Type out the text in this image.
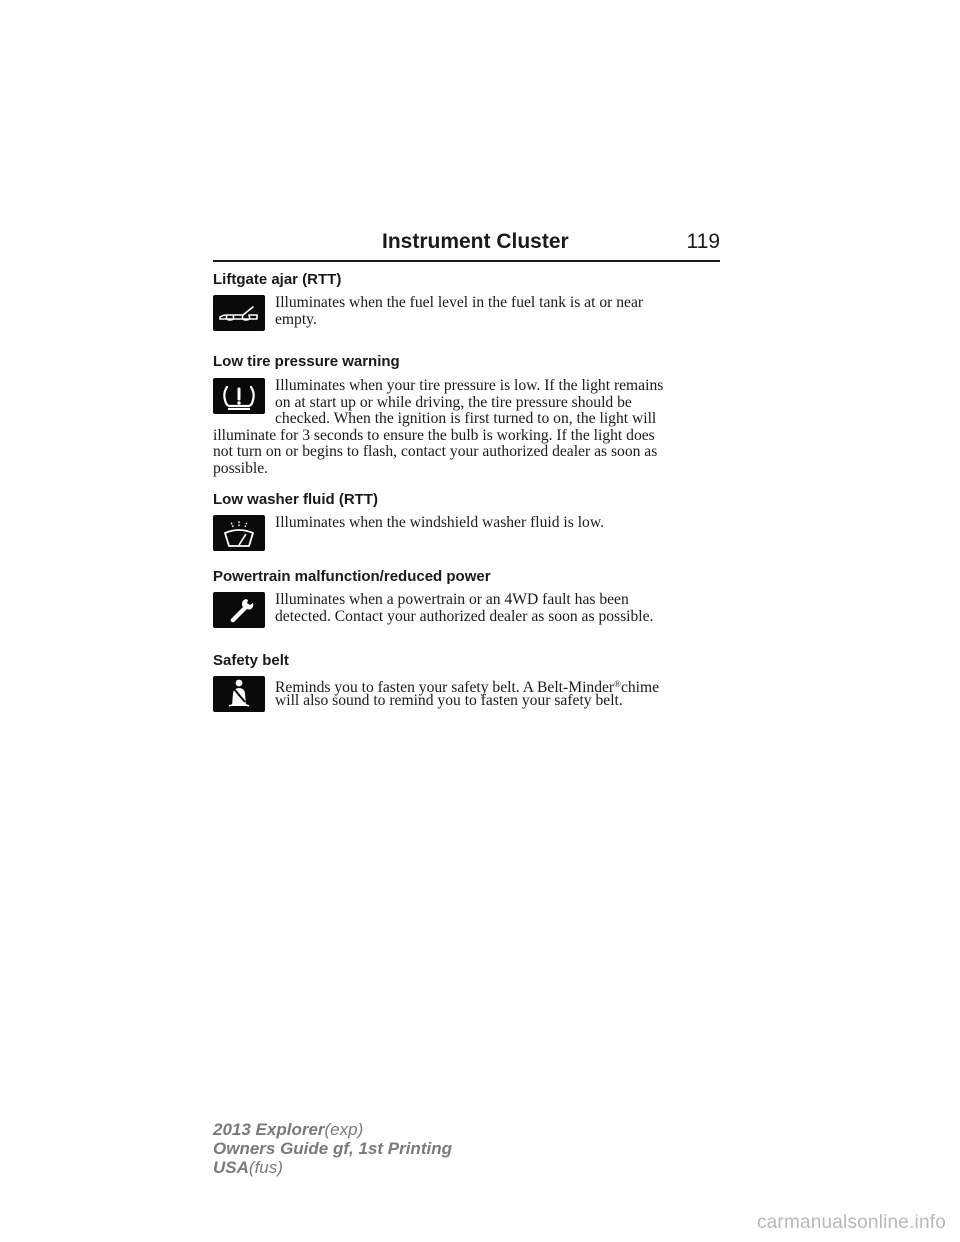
Instrument Cluster	119
Liftgate ajar (RTT)
Illuminates when the fuel level in the fuel tank is at or near
empty.
Low tire pressure warning
Illuminates when your tire pressure is low. If the light remains
on at start up or while driving, the tire pressure should be
checked. When the ignition is first turned to on, the light will
illuminate for 3 seconds to ensure the bulb is working. If the light does
not turn on or begins to flash, contact your authorized dealer as soon as
possible.
Low washer fluid (RTT)
Illuminates when the windshield washer fluid is low.
Powertrain malfunction/reduced power
Illuminates when a powertrain or an 4WD fault has been
detected. Contact your authorized dealer as soon as possible.
Safety belt
Reminds you to fasten your safety belt. A Belt-Minder®chime
will also sound to remind you to fasten your safety belt.
2013 Explorer(exp)
Owners Guide gf, 1st Printing
USA(fus)
carmanualsonline.info
